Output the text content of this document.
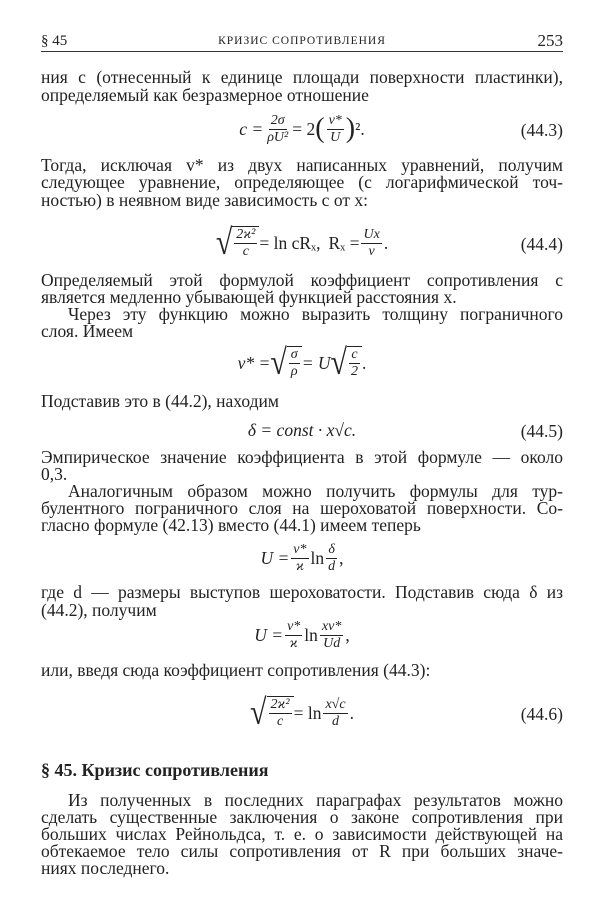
§ 45	КРИЗИС СОПРОТИВЛЕНИЯ	253
ния c (отнесенный к единице площади поверхности пластинки),
определяемый как безразмерное отношение
$c = \frac{2\sigma}{\text{ρU²}} = 2$ ( v*
U ) ².	(44.3)
Тогда, исключая v* из двух написанных уравнений, получим
следующее уравнение, определяющее (с логарифмической точ-
ностью) в неявном виде зависимость c от x:
√ 2ϰ²
c = ln cRₓ, $R_x = \frac{Ux}{\nu}$ .	(44.4)
Определяемый этой формулой коэффициент сопротивления c
является медленно убывающей функцией расстояния x.
Через эту функцию можно выразить толщину пограничного
слоя. Имеем
v* = √ σ
ρ = U √ c
2 .
Подставив это в (44.2), находим
δ = const · x√c.	(44.5)
Эмпирическое значение коэффициента в этой формуле — около
0,3.
Аналогичным образом можно получить формулы для тур-
булентного пограничного слоя на шероховатой поверхности. Со-
гласно формуле (42.13) вместо (44.1) имеем теперь
$U = \frac{v*}{ϰ}$ ln δ
d ,
где d — размеры выступов шероховатости. Подставив сюда δ из
(44.2), получим
$U = \frac{v*}{ϰ}$ ln xv*
Ud ,
или, введя сюда коэффициент сопротивления (44.3):
√ 2ϰ²
c = ln x√c
d .	(44.6)
§ 45. Кризис сопротивления
Из полученных в последних параграфах результатов можно
сделать существенные заключения о законе сопротивления при
больших числах Рейнольдса, т. е. о зависимости действующей на
обтекаемое тело силы сопротивления от R при больших значе-
ниях последнего.
